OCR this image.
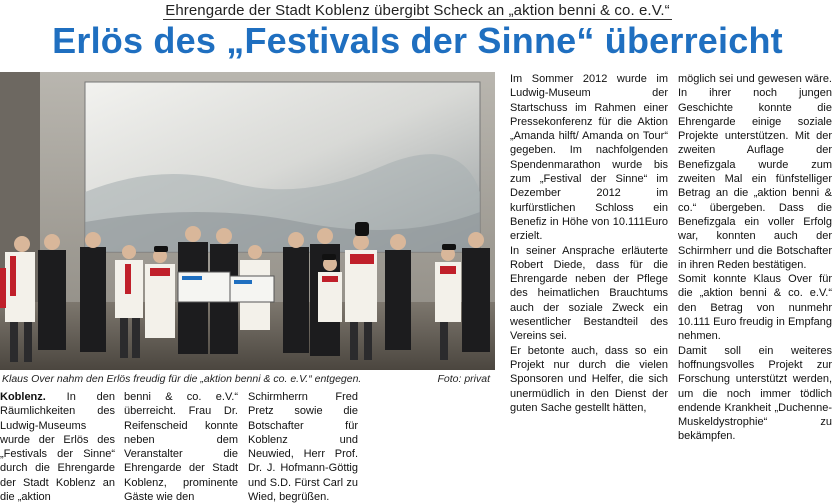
Ehrengarde der Stadt Koblenz übergibt Scheck an „aktion benni & co. e.V.“
Erlös des „Festivals der Sinne“ überreicht
Klaus Over nahm den Erlös freudig für die „aktion benni & co. e.V.“ entgegen.	Foto: privat

Koblenz. In den Räumlichkeiten des Ludwig-Museums wurde der Erlös des „Festivals der Sinne“ durch die Ehrengarde der Stadt Koblenz an die „aktion

benni & co. e.V.“ überreicht. Frau Dr. Reifenscheid konnte neben dem Veranstalter die Ehrengarde der Stadt Koblenz, prominente Gäste wie den

Schirmherrn Fred Pretz sowie die Botschafter für Koblenz und Neuwied, Herr Prof. Dr. J. Hofmann-Göttig und S.D. Fürst Carl zu Wied, begrüßen.

Im Sommer 2012 wurde im Ludwig-Museum der Startschuss im Rahmen einer Pressekonferenz für die Aktion „Amanda hilft/ Amanda on Tour“ gegeben. Im nachfolgenden Spendenmarathon wurde bis zum „Festival der Sinne“ im Dezember 2012 im kurfürstlichen Schloss ein Benefiz in Höhe von 10.111Euro erzielt.

In seiner Ansprache erläuterte Robert Diede, dass für die Ehrengarde neben der Pflege des heimatlichen Brauchtums auch der soziale Zweck ein wesentlicher Bestandteil des Vereins sei.

Er betonte auch, dass so ein Projekt nur durch die vielen Sponsoren und Helfer, die sich unermüdlich in den Dienst der guten Sache gestellt hätten,

möglich sei und gewesen wäre. In ihrer noch jungen Geschichte konnte die Ehrengarde einige soziale Projekte unterstützen. Mit der zweiten Auflage der Benefizgala wurde zum zweiten Mal ein fünfstelliger Betrag an die „aktion benni & co.“ übergeben. Dass die Benefizgala ein voller Erfolg war, konnten auch der Schirmherr und die Botschafter in ihren Reden bestätigen.

Somit konnte Klaus Over für die „aktion benni & co. e.V.“ den Betrag von nunmehr 10.111 Euro freudig in Empfang nehmen.

Damit soll ein weiteres hoffnungsvolles Projekt zur Forschung unterstützt werden, um die noch immer tödlich endende Krankheit „Duchenne-Muskeldystrophie“ zu bekämpfen.
